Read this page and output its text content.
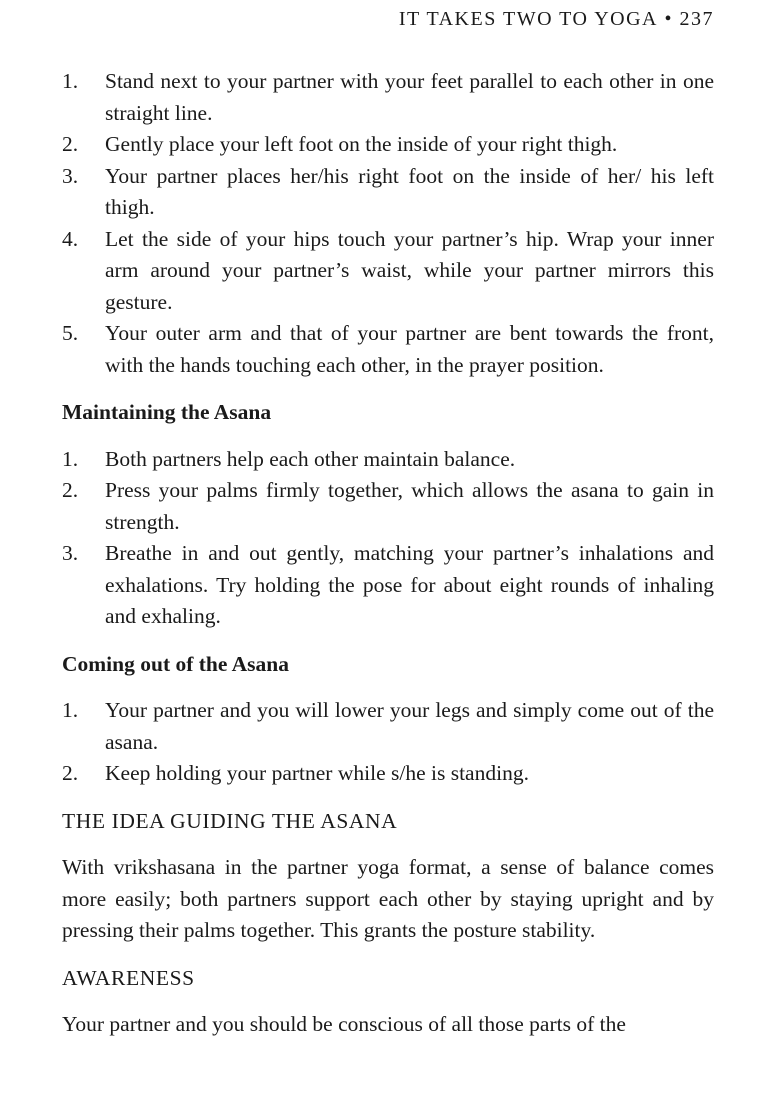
IT TAKES TWO TO YOGA • 237
1. Stand next to your partner with your feet parallel to each other in one straight line.
2. Gently place your left foot on the inside of your right thigh.
3. Your partner places her/his right foot on the inside of her/ his left thigh.
4. Let the side of your hips touch your partner’s hip. Wrap your inner arm around your partner’s waist, while your partner mirrors this gesture.
5. Your outer arm and that of your partner are bent towards the front, with the hands touching each other, in the prayer position.
Maintaining the Asana
1. Both partners help each other maintain balance.
2. Press your palms firmly together, which allows the asana to gain in strength.
3. Breathe in and out gently, matching your partner’s inhalations and exhalations. Try holding the pose for about eight rounds of inhaling and exhaling.
Coming out of the Asana
1. Your partner and you will lower your legs and simply come out of the asana.
2. Keep holding your partner while s/he is standing.
THE IDEA GUIDING THE ASANA

With vrikshasana in the partner yoga format, a sense of balance comes more easily; both partners support each other by staying upright and by pressing their palms together. This grants the posture stability.

AWARENESS

Your partner and you should be conscious of all those parts of the
